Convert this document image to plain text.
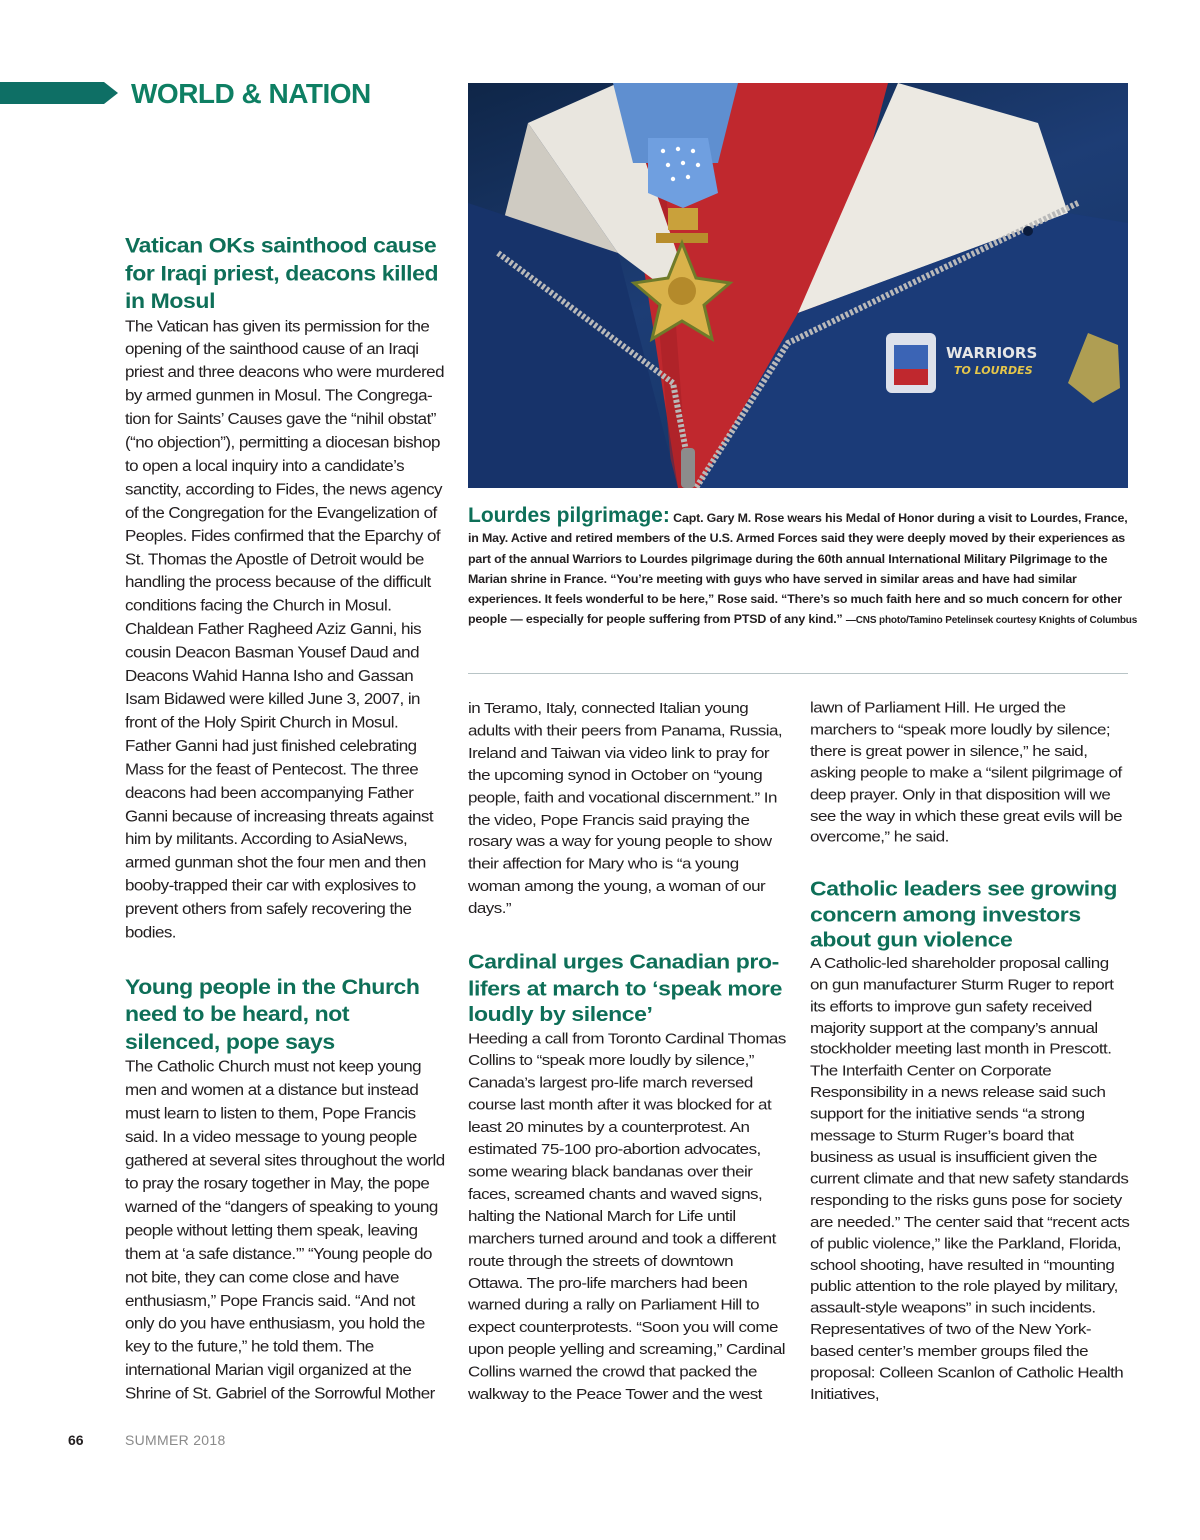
WORLD & NATION
Vatican OKs sainthood cause for Iraqi priest, deacons killed in Mosul

The Vatican has given its permission for the opening of the sainthood cause of an Iraqi priest and three deacons who were murdered by armed gunmen in Mosul. The Congregation for Saints’ Causes gave the “nihil obstat” (“no objection”), permitting a diocesan bishop to open a local inquiry into a candidate’s sanctity, according to Fides, the news agency of the Congregation for the Evangelization of Peoples. Fides confirmed that the Eparchy of St. Thomas the Apostle of Detroit would be handling the process because of the difficult conditions facing the Church in Mosul. Chaldean Father Ragheed Aziz Ganni, his cousin Deacon Basman Yousef Daud and Deacons Wahid Hanna Isho and Gassan Isam Bidawed were killed June 3, 2007, in front of the Holy Spirit Church in Mosul. Father Ganni had just finished celebrating Mass for the feast of Pentecost. The three deacons had been accompanying Father Ganni because of increasing threats against him by militants. According to AsiaNews, armed gunman shot the four men and then booby-trapped their car with explosives to prevent others from safely recovering the bodies.

Young people in the Church need to be heard, not silenced, pope says

The Catholic Church must not keep young men and women at a distance but instead must learn to listen to them, Pope Francis said. In a video message to young people gathered at several sites throughout the world to pray the rosary together in May, the pope warned of the “dangers of speaking to young people without letting them speak, leaving them at ‘a safe distance.’” “Young people do not bite, they can come close and have enthusiasm,” Pope Francis said. “And not only do you have enthusiasm, you hold the key to the future,” he told them. The international Marian vigil organized at the Shrine of St. Gabriel of the Sorrowful Mother

WARRIORS
TO LOURDES
Lourdes pilgrimage: Capt. Gary M. Rose wears his Medal of Honor during a visit to Lourdes, France, in May. Active and retired members of the U.S. Armed Forces said they were deeply moved by their experiences as part of the annual Warriors to Lourdes pilgrimage during the 60th annual International Military Pilgrimage to the Marian shrine in France. “You’re meeting with guys who have served in similar areas and have had similar experiences. It feels wonderful to be here,” Rose said. “There’s so much faith here and so much concern for other people — especially for people suffering from PTSD of any kind.” —CNS photo/Tamino Petelinsek courtesy Knights of Columbus

in Teramo, Italy, connected Italian young adults with their peers from Panama, Russia, Ireland and Taiwan via video link to pray for the upcoming synod in October on “young people, faith and vocational discernment.” In the video, Pope Francis said praying the rosary was a way for young people to show their affection for Mary who is “a young woman among the young, a woman of our days.”

Cardinal urges Canadian pro-lifers at march to ‘speak more loudly by silence’

Heeding a call from Toronto Cardinal Thomas Collins to “speak more loudly by silence,” Canada’s largest pro-life march reversed course last month after it was blocked for at least 20 minutes by a counterprotest. An estimated 75-100 pro-abortion advocates, some wearing black bandanas over their faces, screamed chants and waved signs, halting the National March for Life until marchers turned around and took a different route through the streets of downtown Ottawa. The pro-life marchers had been warned during a rally on Parliament Hill to expect counterprotests. “Soon you will come upon people yelling and screaming,” Cardinal Collins warned the crowd that packed the walkway to the Peace Tower and the west

lawn of Parliament Hill. He urged the marchers to “speak more loudly by silence; there is great power in silence,” he said, asking people to make a “silent pilgrimage of deep prayer. Only in that disposition will we see the way in which these great evils will be overcome,” he said.

Catholic leaders see growing concern among investors about gun violence

A Catholic-led shareholder proposal calling on gun manufacturer Sturm Ruger to report its efforts to improve gun safety received majority support at the company’s annual stockholder meeting last month in Prescott. The Interfaith Center on Corporate Responsibility in a news release said such support for the initiative sends “a strong message to Sturm Ruger’s board that business as usual is insufficient given the current climate and that new safety standards responding to the risks guns pose for society are needed.” The center said that “recent acts of public violence,” like the Parkland, Florida, school shooting, have resulted in “mounting public attention to the role played by military, assault-style weapons” in such incidents. Representatives of two of the New York-based center’s member groups filed the proposal: Colleen Scanlon of Catholic Health Initiatives,

66	SUMMER 2018
